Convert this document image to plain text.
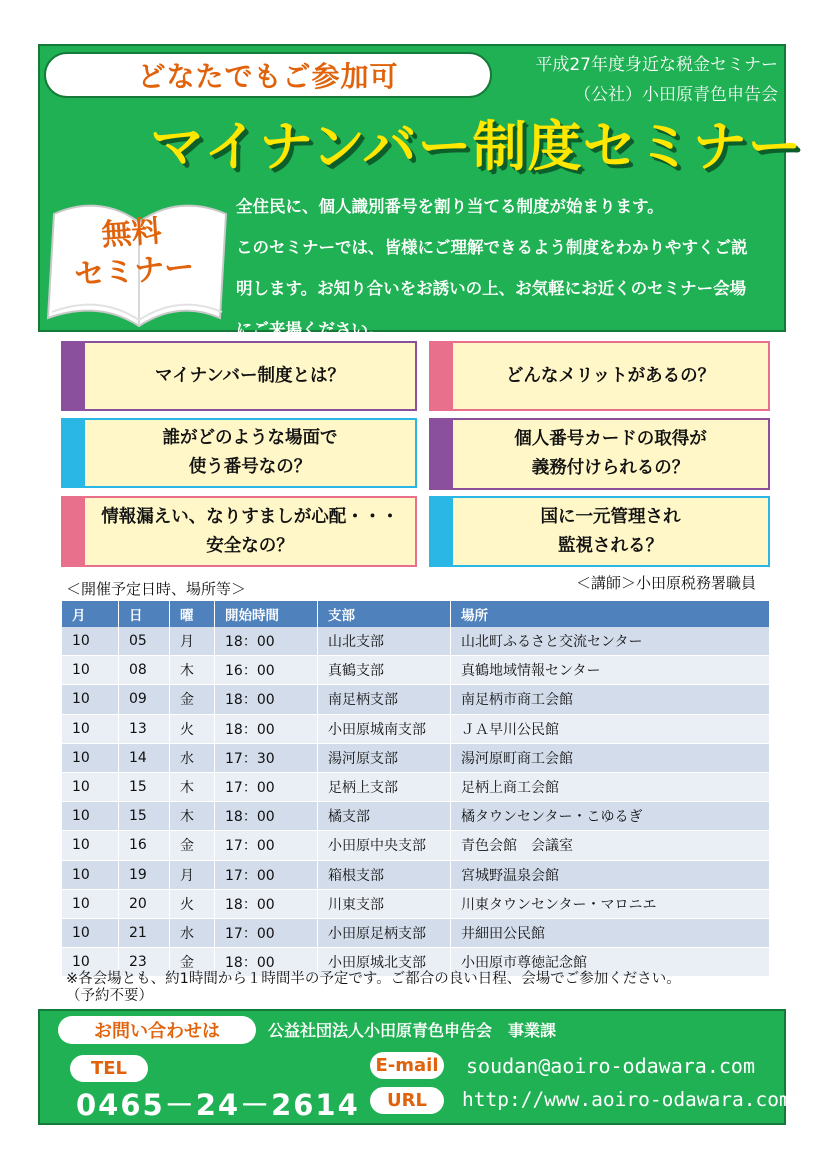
どなたでもご参加可	平成27年度身近な税金セミナー
（公社）小田原青色申告会
マイナンバー制度セミナー
無料
セミナー
全住民に、個人識別番号を割り当てる制度が始まります。
このセミナーでは、皆様にご理解できるよう制度をわかりやすくご説
明します。お知り合いをお誘いの上、お気軽にお近くのセミナー会場
にご来場ください。
マイナンバー制度とは？	どんなメリットがあるの？
誰がどのような場面で
使う番号なの？
個人番号カードの取得が
義務付けられるの？
情報漏えい、なりすましが心配・・・
安全なの？
国に一元管理され
監視される？
＜開催予定日時、場所等＞	＜講師＞小田原税務署職員
月	日	曜	開始時間	支部	場所
10	05	月	18：00	山北支部	山北町ふるさと交流センター
10	08	木	16：00	真鶴支部	真鶴地域情報センター
10	09	金	18：00	南足柄支部	南足柄市商工会館
10	13	火	18：00	小田原城南支部	ＪＡ早川公民館
10	14	水	17：30	湯河原支部	湯河原町商工会館
10	15	木	17：00	足柄上支部	足柄上商工会館
10	15	木	18：00	橘支部	橘タウンセンター・こゆるぎ
10	16	金	17：00	小田原中央支部	青色会館　会議室
10	19	月	17：00	箱根支部	宮城野温泉会館
10	20	火	18：00	川東支部	川東タウンセンター・マロニエ
10	21	水	17：00	小田原足柄支部	井細田公民館
10	23	金	18：00	小田原城北支部	小田原市尊徳記念館
※各会場とも、約1時間から１時間半の予定です。ご都合の良い日程、会場でご参加ください。
（予約不要）
お問い合わせは	公益社団法人小田原青色申告会　事業課
TEL
0465－24－2614
E-mail soudan@aoiro-odawara.com
URL	http://www.aoiro-odawara.com/
